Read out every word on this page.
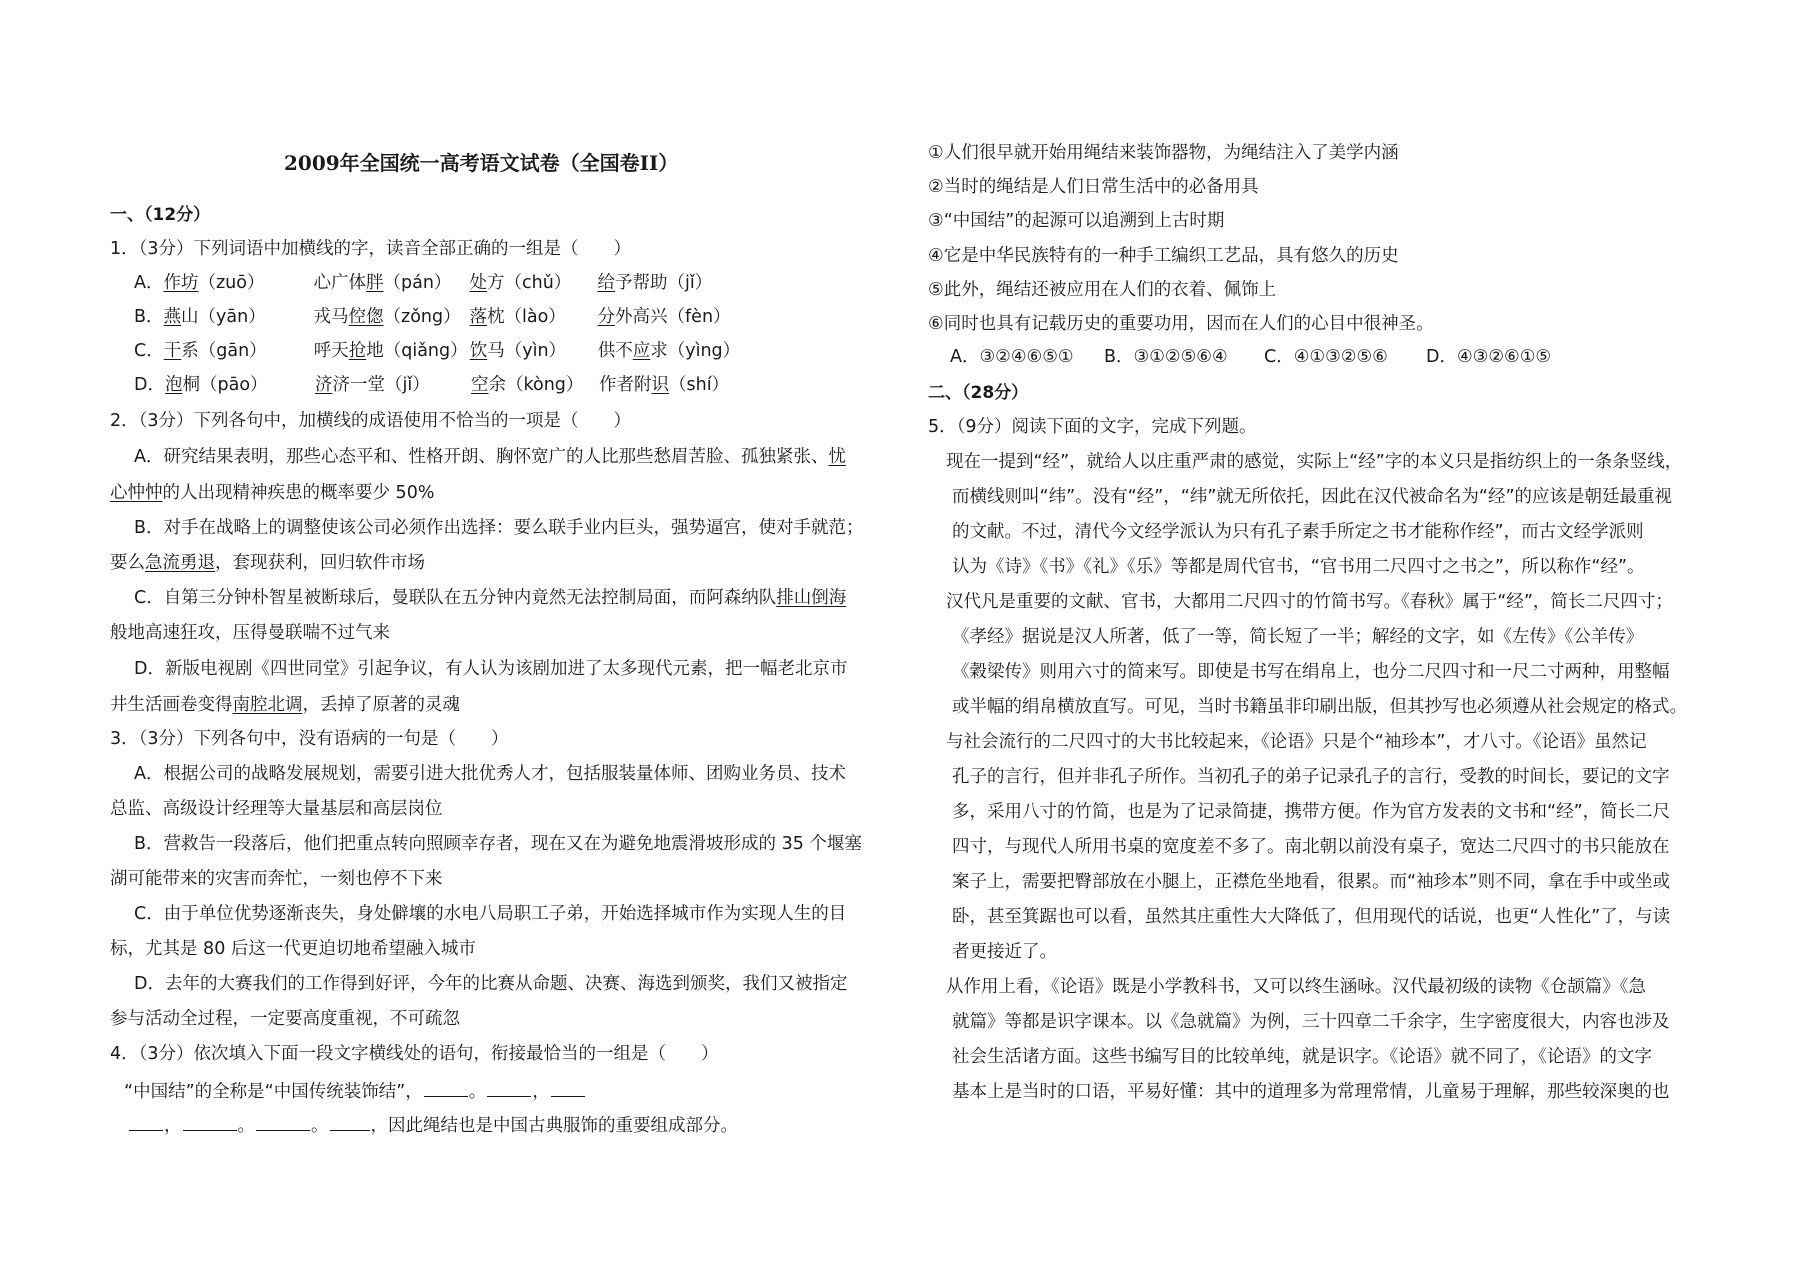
2009年全国统一高考语文试卷（全国卷II）
一、（12分）
1．（3分）下列词语中加横线的字，读音全部正确的一组是（　　）
A．作坊（zuō）	心广体胖（pán） 处方（chǔ） 给予帮助（jǐ）
B．燕山（yān）	戎马倥偬（zǒng） 落枕（lào） 分外高兴（fèn）
C．干系（gān）	呼天抢地（qiǎng） 饮马（yìn） 供不应求（yìng）
D．泡桐（pāo）	济济一堂（jǐ） 空余（kòng） 作者附识（shí）
2．（3分）下列各句中，加横线的成语使用不恰当的一项是（　　）
A．研究结果表明，那些心态平和、性格开朗、胸怀宽广的人比那些愁眉苦脸、孤独紧张、忧
心忡忡的人出现精神疾患的概率要少 50%
B．对手在战略上的调整使该公司必须作出选择：要么联手业内巨头，强势逼宫，使对手就范；
要么急流勇退，套现获利，回归软件市场
C．自第三分钟朴智星被断球后，曼联队在五分钟内竟然无法控制局面，而阿森纳队排山倒海
般地高速狂攻，压得曼联喘不过气来
D．新版电视剧《四世同堂》引起争议，有人认为该剧加进了太多现代元素，把一幅老北京市
井生活画卷变得南腔北调，丢掉了原著的灵魂
3．（3分）下列各句中，没有语病的一句是（　　）
A．根据公司的战略发展规划，需要引进大批优秀人才，包括服装量体师、团购业务员、技术
总监、高级设计经理等大量基层和高层岗位
B．营救告一段落后，他们把重点转向照顾幸存者，现在又在为避免地震滑坡形成的 35 个堰塞
湖可能带来的灾害而奔忙，一刻也停不下来
C．由于单位优势逐渐丧失，身处僻壤的水电八局职工子弟，开始选择城市作为实现人生的目
标，尤其是 80 后这一代更迫切地希望融入城市
D．去年的大赛我们的工作得到好评，今年的比赛从命题、决赛、海选到颁奖，我们又被指定
参与活动全过程，一定要高度重视，不可疏忽
4．（3分）依次填入下面一段文字横线处的语句，衔接最恰当的一组是（　　）
“中国结”的全称是“中国传统装饰结”，	。	，
，	。	。 ，因此绳结也是中国古典服饰的重要组成部分。
①人们很早就开始用绳结来装饰器物，为绳结注入了美学内涵
②当时的绳结是人们日常生活中的必备用具
③“中国结”的起源可以追溯到上古时期
④它是中华民族特有的一种手工编织工艺品，具有悠久的历史
⑤此外，绳结还被应用在人们的衣着、佩饰上
⑥同时也具有记载历史的重要功用，因而在人们的心目中很神圣。
A．③②④⑥⑤① B．③①②⑤⑥④ C．④①③②⑤⑥ D．④③②⑥①⑤
二、（28分）
5．（9分）阅读下面的文字，完成下列题。
现在一提到“经”，就给人以庄重严肃的感觉，实际上“经”字的本义只是指纺织上的一条条竖线，
而横线则叫“纬”。没有“经”，“纬”就无所依托，因此在汉代被命名为“经”的应该是朝廷最重视
的文献。不过，清代今文经学派认为只有孔子素手所定之书才能称作经”，而古文经学派则
认为《诗》《书》《礼》《乐》等都是周代官书，“官书用二尺四寸之书之”，所以称作“经”。
汉代凡是重要的文献、官书，大都用二尺四寸的竹简书写。《春秋》属于“经”，简长二尺四寸；
《孝经》据说是汉人所著，低了一等，简长短了一半；解经的文字，如《左传》《公羊传》
《穀梁传》则用六寸的简来写。即使是书写在绢帛上，也分二尺四寸和一尺二寸两种，用整幅
或半幅的绢帛横放直写。可见，当时书籍虽非印刷出版，但其抄写也必须遵从社会规定的格式。
与社会流行的二尺四寸的大书比较起来，《论语》只是个“袖珍本”，才八寸。《论语》虽然记
孔子的言行，但并非孔子所作。当初孔子的弟子记录孔子的言行，受教的时间长，要记的文字
多，采用八寸的竹简，也是为了记录简捷，携带方便。作为官方发表的文书和“经”，简长二尺
四寸，与现代人所用书桌的宽度差不多了。南北朝以前没有桌子，宽达二尺四寸的书只能放在
案子上，需要把臀部放在小腿上，正襟危坐地看，很累。而“袖珍本”则不同，拿在手中或坐或
卧，甚至箕踞也可以看，虽然其庄重性大大降低了，但用现代的话说，也更“人性化”了，与读
者更接近了。
从作用上看，《论语》既是小学教科书，又可以终生涵咏。汉代最初级的读物《仓颉篇》《急
就篇》等都是识字课本。以《急就篇》为例，三十四章二千余字，生字密度很大，内容也涉及
社会生活诸方面。这些书编写目的比较单纯，就是识字。《论语》就不同了，《论语》的文字
基本上是当时的口语，平易好懂：其中的道理多为常理常情，儿童易于理解，那些较深奥的也
